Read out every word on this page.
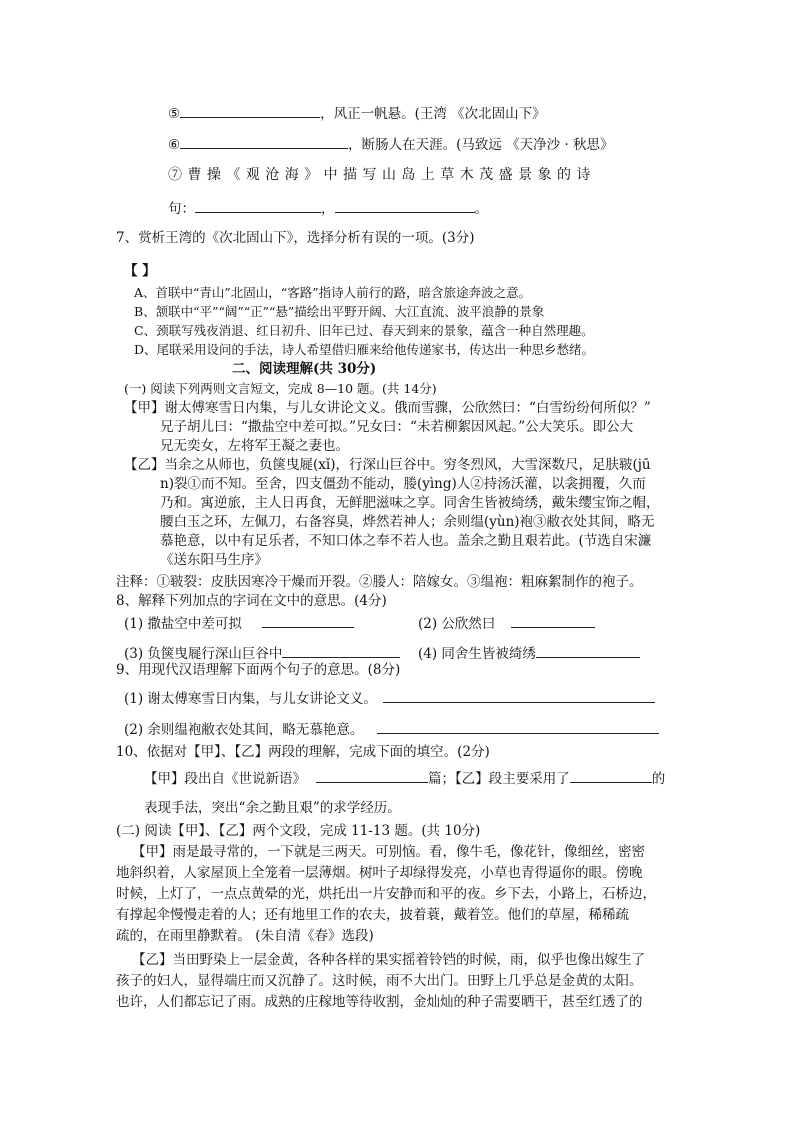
⑤	，风正一帆悬。(王湾 《次北固山下》
⑥	，断肠人在天涯。(马致远 《天净沙 · 秋思》
⑦ 曹 操 《 观 沧 海 》 中 描 写 山 岛 上 草 木 茂 盛 景 象 的 诗
句：	，	。
7、赏析王湾的《次北固山下》，选择分析有误的一项。(3分)
【 】
A、首联中“青山”北固山，“客路”指诗人前行的路，暗含旅途奔波之意。
B、颔联中“平”“阔”“正”“悬”描绘出平野开阔、大江直流、波平浪静的景象
C、颈联写残夜消退、红日初升、旧年已过、春天到来的景象，蕴含一种自然理趣。
D、尾联采用设问的手法，诗人希望借归雁来给他传递家书，传达出一种思乡愁绪。
二、阅读理解(共 30分)
(一) 阅读下列两则文言短文，完成 8—10 题。(共 14分)
【甲】谢太傅寒雪日内集，与儿女讲论文义。俄而雪骤，公欣然曰：“白雪纷纷何所似？”
兄子胡儿曰：“撒盐空中差可拟。”兄女曰：“未若柳絮因风起。”公大笑乐。即公大
兄无奕女，左将军王凝之妻也。
【乙】当余之从师也，负箧曳屣(xǐ)，行深山巨谷中。穷冬烈风，大雪深数尺，足肤皲(jū
n)裂①而不知。至舍，四支僵劲不能动，媵(yìng)人②持汤沃灌，以衾拥覆，久而
乃和。寓逆旅，主人日再食，无鲜肥滋味之享。同舍生皆被绮绣，戴朱缨宝饰之帽，
腰白玉之环，左佩刀，右备容臭，烨然若神人；余则缊(yùn)袍③敝衣处其间，略无
慕艳意，以中有足乐者，不知口体之奉不若人也。盖余之勤且艰若此。(节选自宋濂
《送东阳马生序》
注释：①皲裂：皮肤因寒冷干燥而开裂。②媵人：陪嫁女。③缊袍：粗麻絮制作的袍子。
8、解释下列加点的字词在文中的意思。(4分)
(1) 撒盐空中差可拟	(2) 公欣然曰
(3) 负箧曳屣行深山巨谷中	(4) 同舍生皆被绮绣
9、用现代汉语理解下面两个句子的意思。(8分)
(1) 谢太傅寒雪日内集，与儿女讲论文义。
(2) 余则缊袍敝衣处其间，略无慕艳意。
10、依据对【甲】、【乙】两段的理解，完成下面的填空。(2分)
【甲】段出自《世说新语》	篇；【乙】段主要采用了	的
表现手法，突出“余之勤且艰”的求学经历。
(二) 阅读【甲】、【乙】两个文段，完成 11-13 题。(共 10分)
【甲】雨是最寻常的，一下就是三两天。可别恼。看，像牛毛，像花针，像细丝，密密
地斜织着，人家屋顶上全笼着一层薄烟。树叶子却绿得发亮，小草也青得逼你的眼。傍晚
时候，上灯了，一点点黄晕的光，烘托出一片安静而和平的夜。乡下去，小路上，石桥边，
有撑起伞慢慢走着的人；还有地里工作的农夫，披着蓑，戴着笠。他们的草屋，稀稀疏
疏的，在雨里静默着。 (朱自清《春》选段)
【乙】当田野染上一层金黄，各种各样的果实摇着铃铛的时候，雨，似乎也像出嫁生了
孩子的妇人，显得端庄而又沉静了。这时候，雨不大出门。田野上几乎总是金黄的太阳。
也许，人们都忘记了雨。成熟的庄稼地等待收割，金灿灿的种子需要晒干，甚至红透了的
